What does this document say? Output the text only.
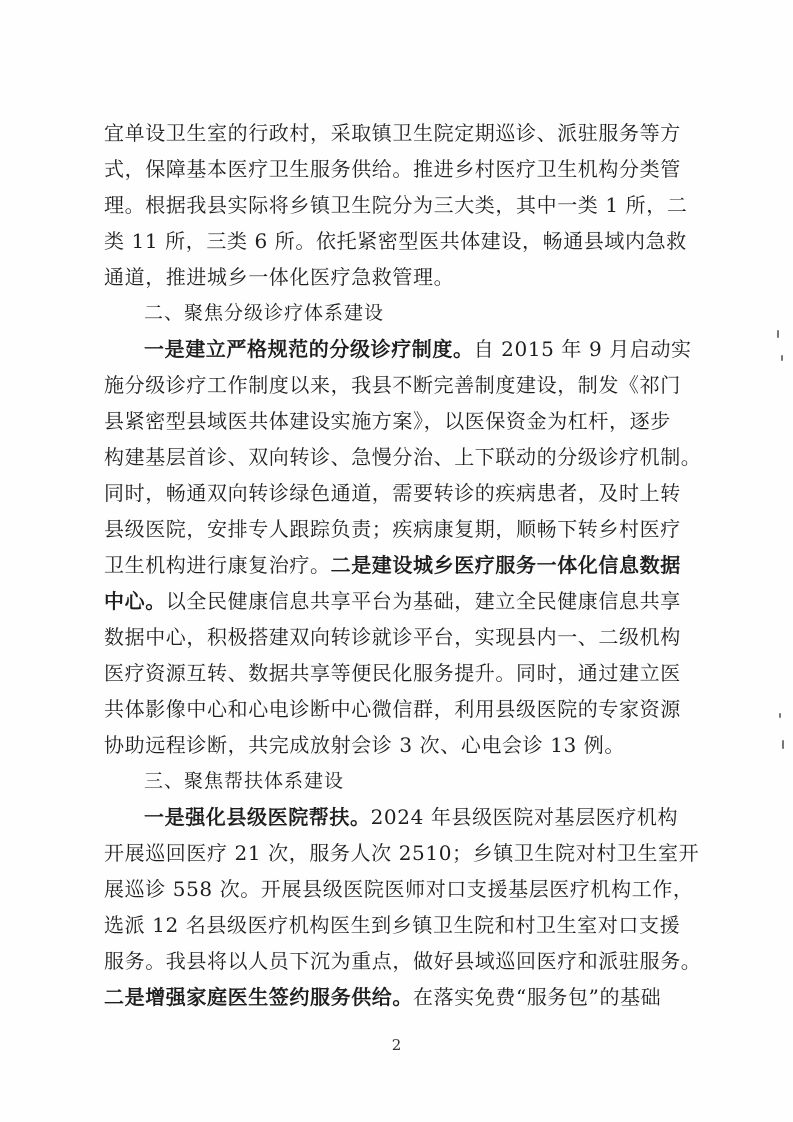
宜单设卫生室的行政村，采取镇卫生院定期巡诊、派驻服务等方
式，保障基本医疗卫生服务供给。推进乡村医疗卫生机构分类管
理。根据我县实际将乡镇卫生院分为三大类，其中一类 1 所，二
类 11 所，三类 6 所。依托紧密型医共体建设，畅通县域内急救
通道，推进城乡一体化医疗急救管理。
二、聚焦分级诊疗体系建设
一是建立严格规范的分级诊疗制度。自 2015 年 9 月启动实
施分级诊疗工作制度以来，我县不断完善制度建设，制发《祁门
县紧密型县域医共体建设实施方案》，以医保资金为杠杆，逐步
构建基层首诊、双向转诊、急慢分治、上下联动的分级诊疗机制。
同时，畅通双向转诊绿色通道，需要转诊的疾病患者，及时上转
县级医院，安排专人跟踪负责；疾病康复期，顺畅下转乡村医疗
卫生机构进行康复治疗。二是建设城乡医疗服务一体化信息数据
中心。以全民健康信息共享平台为基础，建立全民健康信息共享
数据中心，积极搭建双向转诊就诊平台，实现县内一、二级机构
医疗资源互转、数据共享等便民化服务提升。同时，通过建立医
共体影像中心和心电诊断中心微信群，利用县级医院的专家资源
协助远程诊断，共完成放射会诊 3 次、心电会诊 13 例。
三、聚焦帮扶体系建设
一是强化县级医院帮扶。2024 年县级医院对基层医疗机构
开展巡回医疗 21 次，服务人次 2510；乡镇卫生院对村卫生室开
展巡诊 558 次。开展县级医院医师对口支援基层医疗机构工作，
选派 12 名县级医疗机构医生到乡镇卫生院和村卫生室对口支援
服务。我县将以人员下沉为重点，做好县域巡回医疗和派驻服务。
二是增强家庭医生签约服务供给。在落实免费“服务包”的基础
2
